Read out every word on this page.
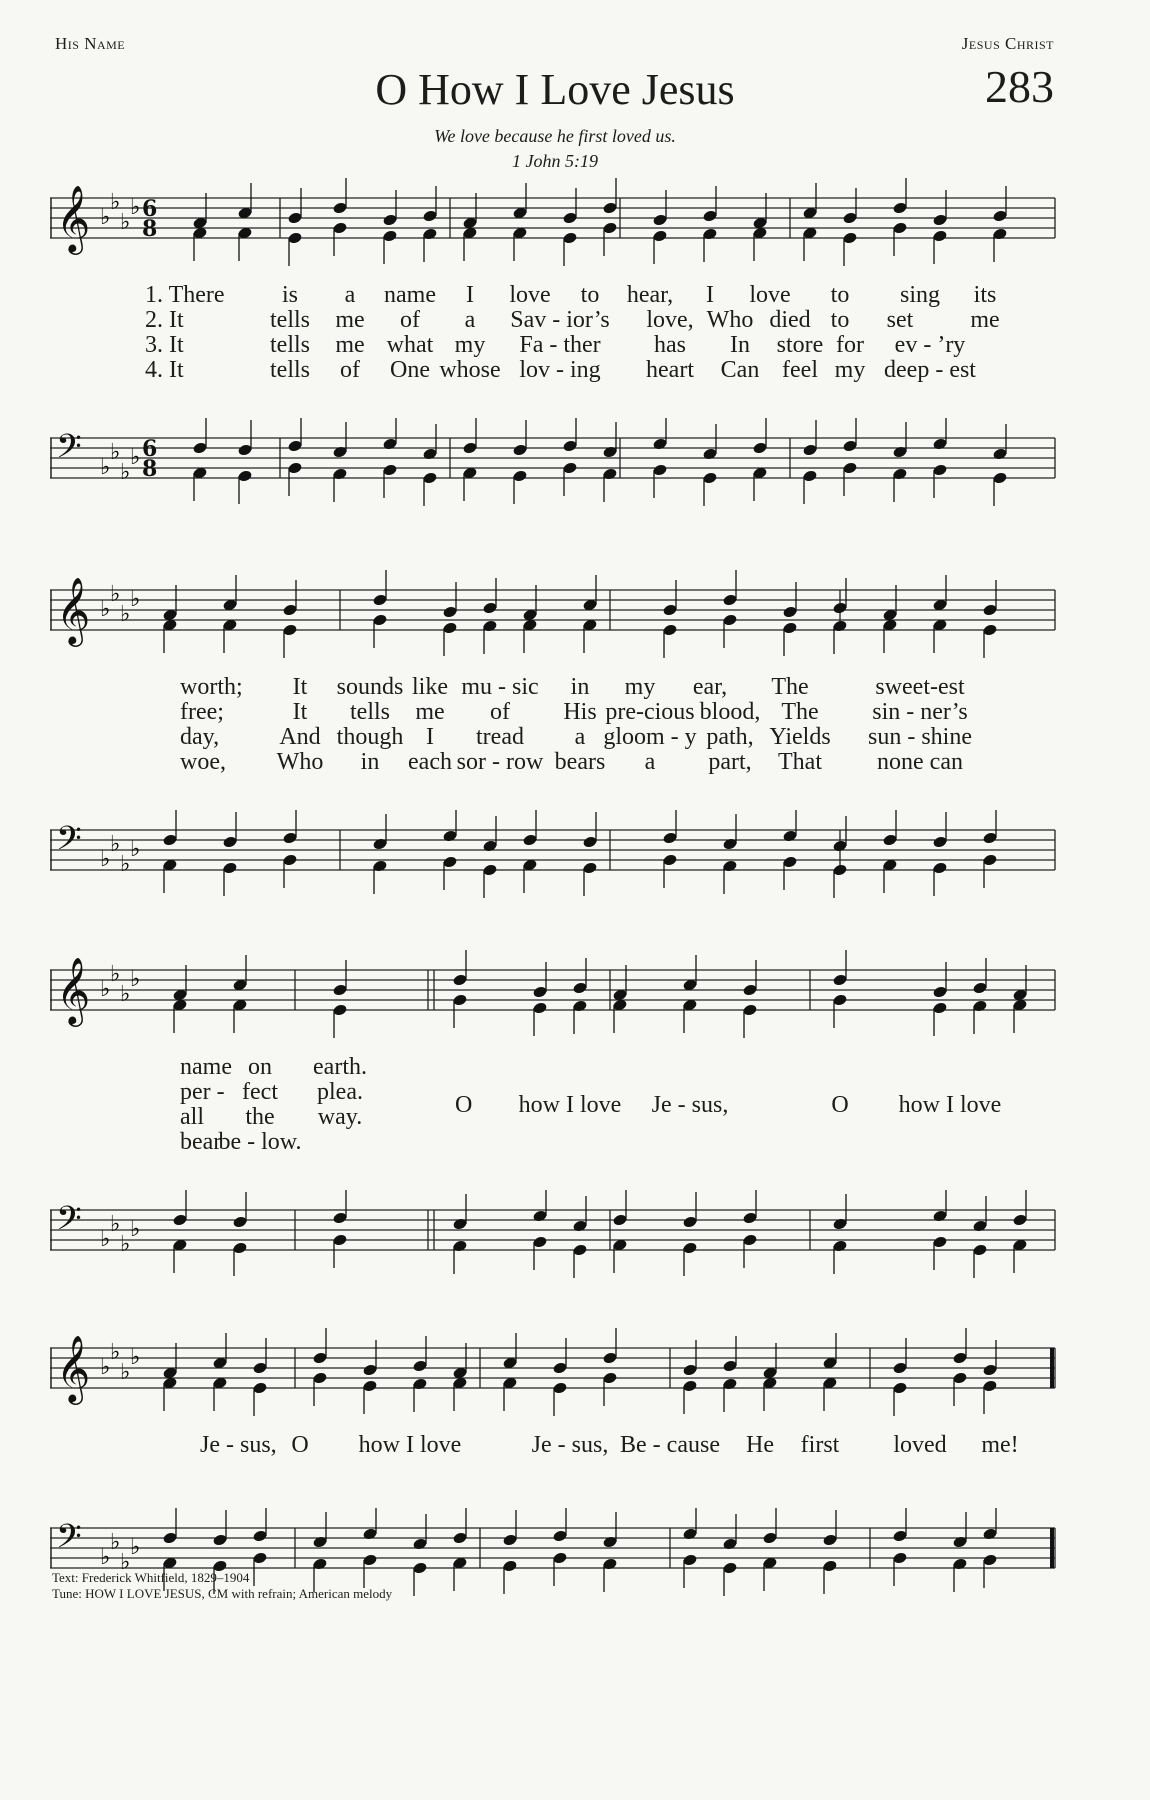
His Name	Jesus Christ
O How I Love Jesus	283
We love because he first loved us.
1 John 5:19
𝄞 ♭
♭
♭
♭ 6
8
1. There is a name I love to hear, I love to sing its
2. It	tells me of a Sav - ior’s love, Who died to set me
3. It	tells me what my Fa - ther has In store for ev - ’ry
4. It	tells of One whose lov - ing heart Can feel my deep - est
𝄢 ♭
♭
♭
♭ 6
8
𝄞 ♭
♭
♭
♭
worth; It sounds like mu - sic in my ear, The	sweet-est
free;	It tells me of His pre-cious blood, The sin - ner’s
day,	And though I tread a gloom - y path, Yields sun - shine
woe, Who in each sor - row bears a part, That none can
𝄢 ♭
♭
♭
♭
𝄞 ♭
♭
♭
♭
name on earth.
per - fect plea.
all the way.
bear
be - low.
O how I love Je - sus,	O how I love
𝄢 ♭
♭
♭
♭
𝄞 ♭
♭
♭
♭
Je - sus, O how I love	Je - sus, Be - cause He first loved me!
𝄢 ♭
♭
♭
♭
Text: Frederick Whitfield, 1829–1904
Tune: HOW I LOVE JESUS, CM with refrain; American melody
